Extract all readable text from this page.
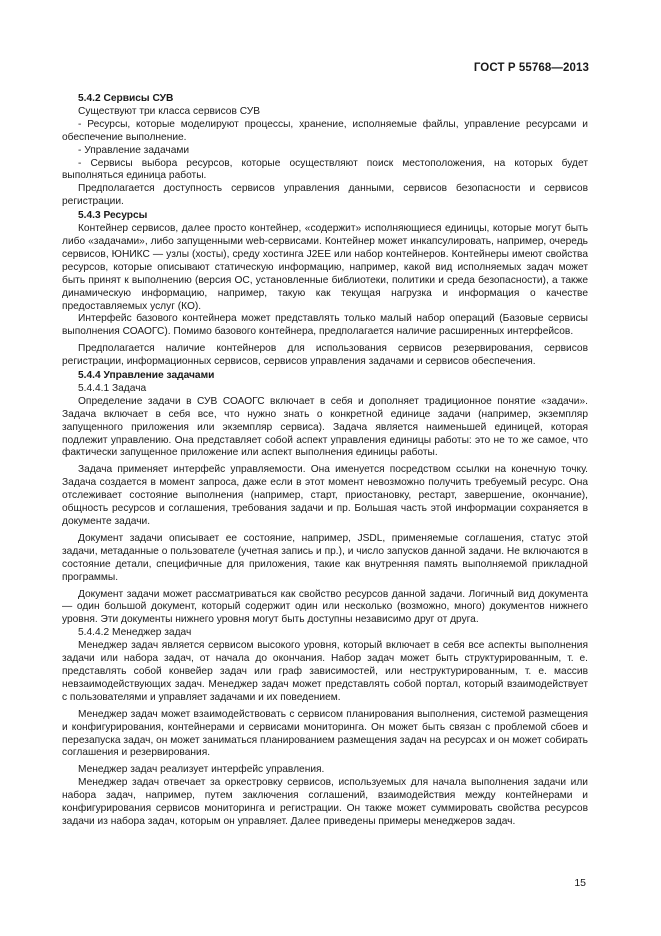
ГОСТ Р 55768—2013

5.4.2 Сервисы СУВ

Существуют три класса сервисов СУВ

- Ресурсы, которые моделируют процессы, хранение, исполняемые файлы, управление ресурсами и обеспечение выполнение.

- Управление задачами

- Сервисы выбора ресурсов, которые осуществляют поиск местоположения, на которых будет выполняться единица работы.

Предполагается доступность сервисов управления данными, сервисов безопасности и сервисов регистрации.

5.4.3 Ресурсы

Контейнер сервисов, далее просто контейнер, «содержит» исполняющиеся единицы, которые могут быть либо «задачами», либо запущенными web-сервисами. Контейнер может инкапсулировать, например, очередь сервисов, ЮНИКС — узлы (хосты), среду хостинга J2EE или набор контейнеров. Контейнеры имеют свойства ресурсов, которые описывают статическую информацию, например, какой вид исполняемых задач может быть принят к выполнению (версия ОС, установленные библиотеки, политики и среда безопасности), а также динамическую информацию, например, такую как текущая нагрузка и информация о качестве предоставляемых услуг (КО).

Интерфейс базового контейнера может представлять только малый набор операций (Базовые сервисы выполнения СОАОГС). Помимо базового контейнера, предполагается наличие расширенных интерфейсов.

Предполагается наличие контейнеров для использования сервисов резервирования, сервисов регистрации, информационных сервисов, сервисов управления задачами и сервисов обеспечения.

5.4.4 Управление задачами

5.4.4.1 Задача

Определение задачи в СУВ СОАОГС включает в себя и дополняет традиционное понятие «задачи». Задача включает в себя все, что нужно знать о конкретной единице задачи (например, экземпляр запущенного приложения или экземпляр сервиса). Задача является наименьшей единицей, которая подлежит управлению. Она представляет собой аспект управления единицы работы: это не то же самое, что фактически запущенное приложение или аспект выполнения единицы работы.

Задача применяет интерфейс управляемости. Она именуется посредством ссылки на конечную точку. Задача создается в момент запроса, даже если в этот момент невозможно получить требуемый ресурс. Она отслеживает состояние выполнения (например, старт, приостановку, рестарт, завершение, окончание), общность ресурсов и соглашения, требования задачи и пр. Большая часть этой информации сохраняется в документе задачи.

Документ задачи описывает ее состояние, например, JSDL, применяемые соглашения, статус этой задачи, метаданные о пользователе (учетная запись и пр.), и число запусков данной задачи. Не включаются в состояние детали, специфичные для приложения, такие как внутренняя память выполняемой прикладной программы.

Документ задачи может рассматриваться как свойство ресурсов данной задачи. Логичный вид документа — один большой документ, который содержит один или несколько (возможно, много) документов нижнего уровня. Эти документы нижнего уровня могут быть доступны независимо друг от друга.

5.4.4.2 Менеджер задач

Менеджер задач является сервисом высокого уровня, который включает в себя все аспекты выполнения задачи или набора задач, от начала до окончания. Набор задач может быть структурированным, т. е. представлять собой конвейер задач или граф зависимостей, или неструктурированным, т. е. массив невзаимодействующих задач. Менеджер задач может представлять собой портал, который взаимодействует с пользователями и управляет задачами и их поведением.

Менеджер задач может взаимодействовать с сервисом планирования выполнения, системой размещения и конфигурирования, контейнерами и сервисами мониторинга. Он может быть связан с проблемой сбоев и перезапуска задач, он может заниматься планированием размещения задач на ресурсах и он может собирать соглашения и резервирования.

Менеджер задач реализует интерфейс управления.

Менеджер задач отвечает за оркестровку сервисов, используемых для начала выполнения задачи или набора задач, например, путем заключения соглашений, взаимодействия между контейнерами и конфигурирования сервисов мониторинга и регистрации. Он также может суммировать свойства ресурсов задачи из набора задач, которым он управляет. Далее приведены примеры менеджеров задач.

15
